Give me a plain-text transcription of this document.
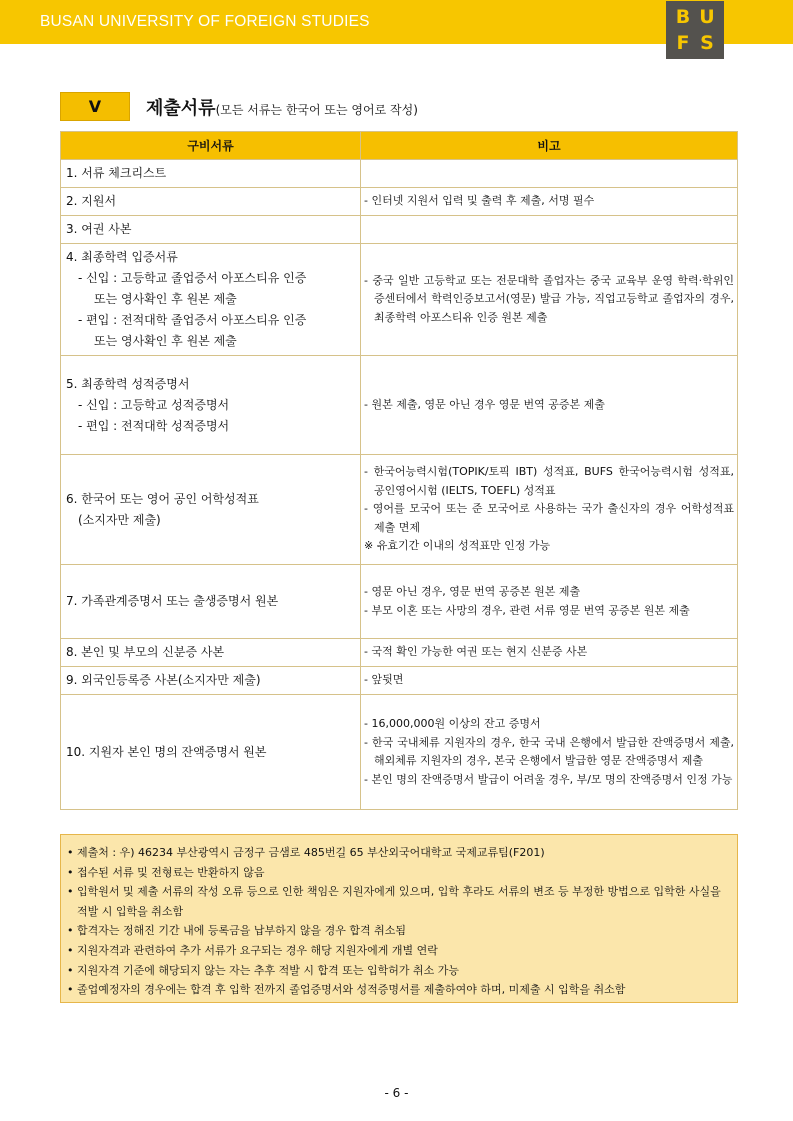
BUSAN UNIVERSITY OF FOREIGN STUDIES	B U
F S
Ⅴ	제출서류(모든 서류는 한국어 또는 영어로 작성)
구비서류	비고
1. 서류 체크리스트	
2. 지원서	- 인터넷 지원서 입력 및 출력 후 제출, 서명 필수
3. 여권 사본	

4. 최종학력 입증서류
- 신입 : 고등학교 졸업증서 아포스티유 인증
또는 영사확인 후 원본 제출
- 편입 : 전적대학 졸업증서 아포스티유 인증
또는 영사확인 후 원본 제출	- 중국 일반 고등학교 또는 전문대학 졸업자는 중국 교육부 운영 학력·학위인증센터에서 학력인증보고서(영문) 발급 가능, 직업고등학교 졸업자의 경우, 최종학력 아포스티유 인증 원본 제출

5. 최종학력 성적증명서
- 신입 : 고등학교 성적증명서
- 편입 : 전적대학 성적증명서	- 원본 제출, 영문 아닌 경우 영문 번역 공증본 제출

6. 한국어 또는 영어 공인 어학성적표
(소지자만 제출)	- 한국어능력시험(TOPIK/토픽 IBT) 성적표, BUFS 한국어능력시험 성적표, 공인영어시험 (IELTS, TOEFL) 성적표
- 영어를 모국어 또는 준 모국어로 사용하는 국가 출신자의 경우 어학성적표 제출 면제
※ 유효기간 이내의 성적표만 인정 가능

7. 가족관계증명서 또는 출생증명서 원본	- 영문 아닌 경우, 영문 번역 공증본 원본 제출
- 부모 이혼 또는 사망의 경우, 관련 서류 영문 번역 공증본 원본 제출

8. 본인 및 부모의 신분증 사본	- 국적 확인 가능한 여권 또는 현지 신분증 사본
9. 외국인등록증 사본(소지자만 제출)	- 앞뒷면
10. 지원자 본인 명의 잔액증명서 원본	- 16,000,000원 이상의 잔고 증명서
- 한국 국내체류 지원자의 경우, 한국 국내 은행에서 발급한 잔액증명서 제출, 해외체류 지원자의 경우, 본국 은행에서 발급한 영문 잔액증명서 제출
- 본인 명의 잔액증명서 발급이 어려울 경우, 부/모 명의 잔액증명서 인정 가능
• 제출처 : 우) 46234 부산광역시 금정구 금샘로 485번길 65 부산외국어대학교 국제교류팀(F201)
• 접수된 서류 및 전형료는 반환하지 않음
• 입학원서 및 제출 서류의 작성 오류 등으로 인한 책임은 지원자에게 있으며, 입학 후라도 서류의 변조 등 부정한 방법으로 입학한 사실을 적발 시 입학을 취소함
• 합격자는 정해진 기간 내에 등록금을 납부하지 않을 경우 합격 취소됨
• 지원자격과 관련하여 추가 서류가 요구되는 경우 해당 지원자에게 개별 연락
• 지원자격 기준에 해당되지 않는 자는 추후 적발 시 합격 또는 입학허가 취소 가능
• 졸업예정자의 경우에는 합격 후 입학 전까지 졸업증명서와 성적증명서를 제출하여야 하며, 미제출 시 입학을 취소함
- 6 -
